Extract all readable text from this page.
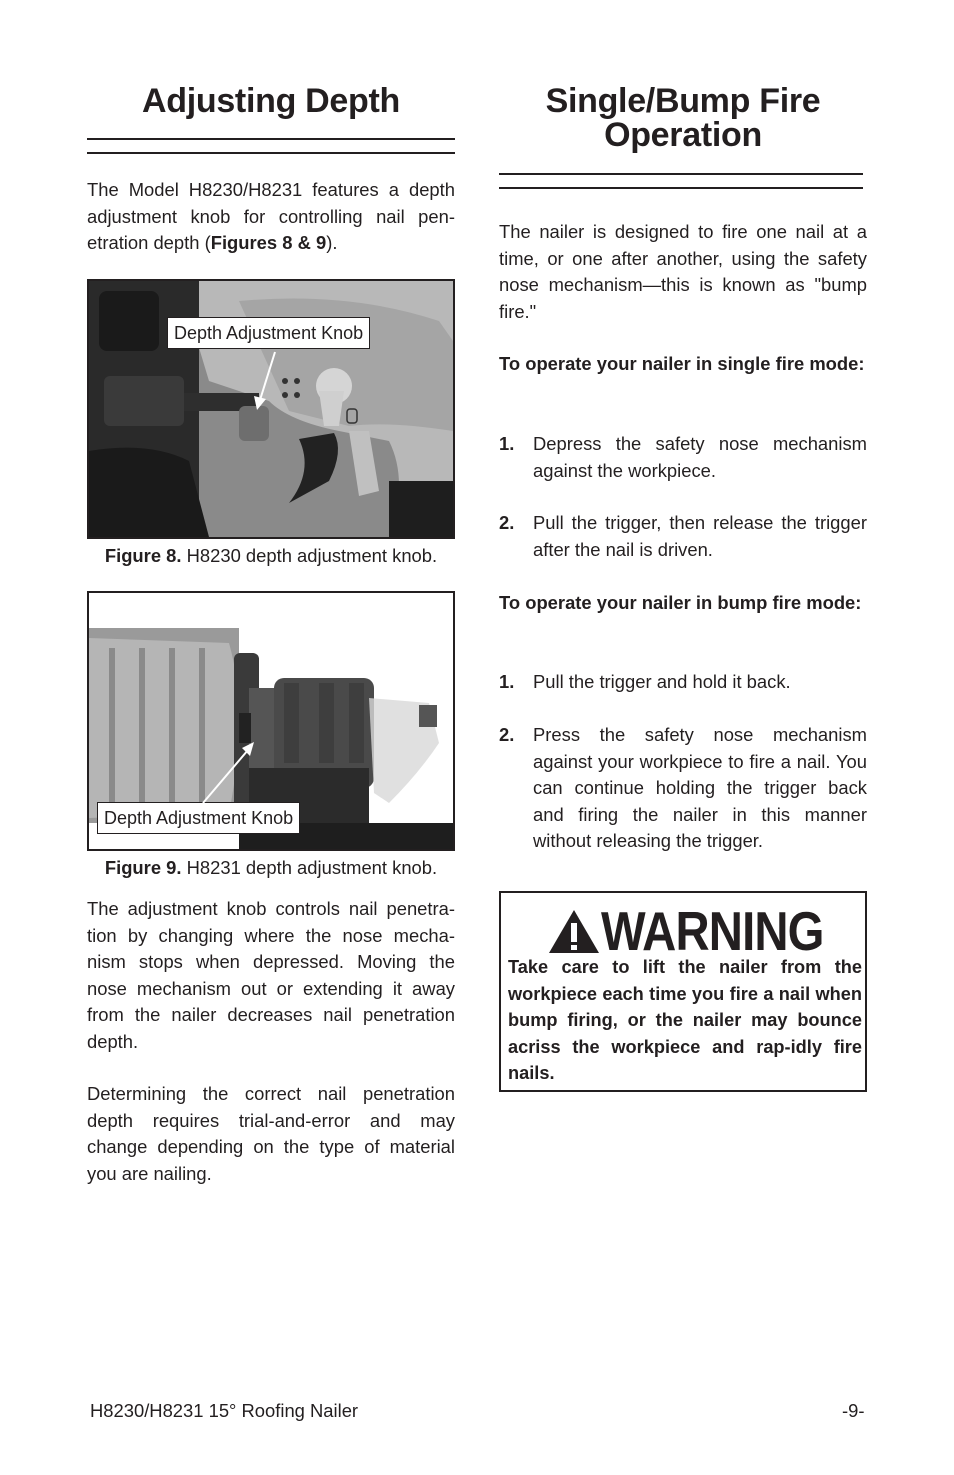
Adjusting Depth

The Model H8230/H8231 features a depth adjustment knob for controlling nail pen-etration depth (Figures 8 & 9).

Depth Adjustment Knob
Figure 8. H8230 depth adjustment knob.
Depth Adjustment Knob
Figure 9. H8231 depth adjustment knob.

The adjustment knob controls nail penetra-tion by changing where the nose mecha-nism stops when depressed. Moving the nose mechanism out or extending it away from the nailer decreases nail penetration depth.

Determining the correct nail penetration depth requires trial-and-error and may change depending on the type of material you are nailing.

Single/Bump Fire
Operation

The nailer is designed to fire one nail at a time, or one after another, using the safety nose mechanism—this is known as "bump fire."

To operate your nailer in single fire mode:

1. Depress the safety nose mechanism against the workpiece.
2. Pull the trigger, then release the trigger after the nail is driven.

To operate your nailer in bump fire mode:

1. Pull the trigger and hold it back.
2. Press the safety nose mechanism against your workpiece to fire a nail. You can continue holding the trigger back and firing the nailer in this manner without releasing the trigger.
WARNING
Take care to lift the nailer from the workpiece each time you fire a nail when bump firing, or the nailer may bounce acriss the workpiece and rap-idly fire nails.
H8230/H8231 15° Roofing Nailer	-9-
